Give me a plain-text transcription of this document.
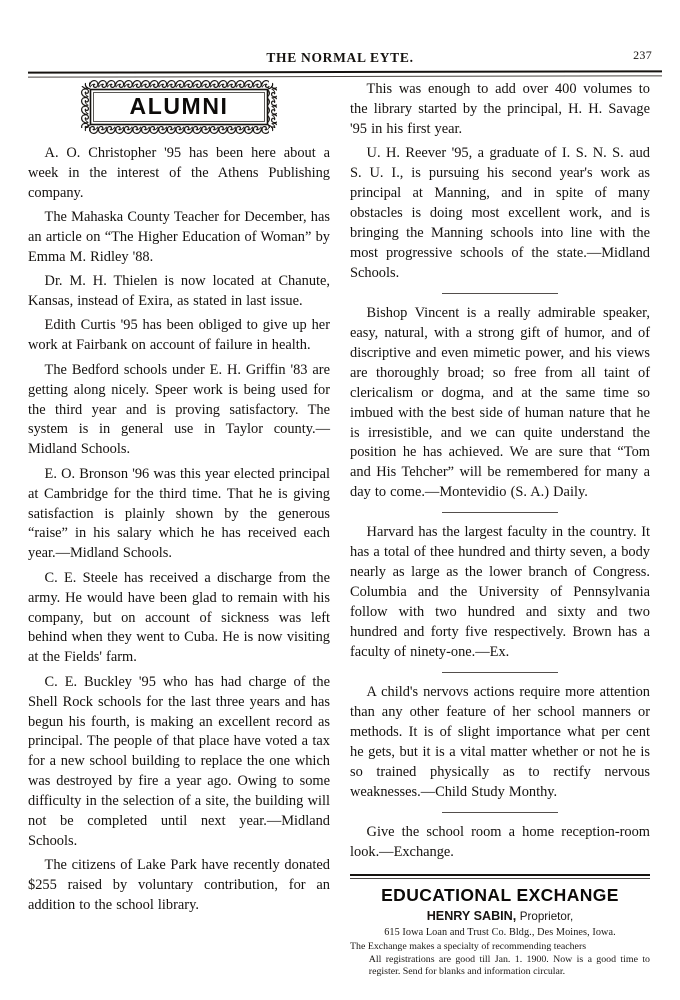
THE NORMAL EYTE.	237
ALUMNI

A. O. Christopher '95 has been here about a week in the interest of the Athens Publishing company.

The Mahaska County Teacher for December, has an article on “The Higher Education of Woman” by Emma M. Ridley '88.

Dr. M. H. Thielen is now located at Chanute, Kansas, instead of Exira, as stated in last issue.

Edith Curtis '95 has been obliged to give up her work at Fairbank on account of failure in health.

The Bedford schools under E. H. Griffin '83 are getting along nicely. Speer work is being used for the third year and is proving satisfactory. The system is in general use in Taylor county.—Midland Schools.

E. O. Bronson '96 was this year elected principal at Cambridge for the third time. That he is giving satisfaction is plainly shown by the generous “raise” in his salary which he has received each year.—Midland Schools.

C. E. Steele has received a discharge from the army. He would have been glad to remain with his company, but on account of sickness was left behind when they went to Cuba. He is now visiting at the Fields' farm.

C. E. Buckley '95 who has had charge of the Shell Rock schools for the last three years and has begun his fourth, is making an excellent record as principal. The people of that place have voted a tax for a new school building to replace the one which was destroyed by fire a year ago. Owing to some difficulty in the selection of a site, the building will not be completed until next year.—Midland Schools.

The citizens of Lake Park have recently donated $255 raised by voluntary contribution, for an addition to the school library.

This was enough to add over 400 volumes to the library started by the principal, H. H. Savage '95 in his first year.

U. H. Reever '95, a graduate of I. S. N. S. aud S. U. I., is pursuing his second year's work as principal at Manning, and in spite of many obstacles is doing most excellent work, and is bringing the Manning schools into line with the most progressive schools of the state.—Midland Schools.

Bishop Vincent is a really admirable speaker, easy, natural, with a strong gift of humor, and of discriptive and even mimetic power, and his views are thoroughly broad; so free from all taint of clericalism or dogma, and at the same time so imbued with the best side of human nature that he is irresistible, and we can quite understand the position he has achieved. We are sure that “Tom and His Tehcher” will be remembered for many a day to come.—Montevidio (S. A.) Daily.

Harvard has the largest faculty in the country. It has a total of thee hundred and thirty seven, a body nearly as large as the lower branch of Congress. Columbia and the University of Pennsylvania follow with two hundred and sixty and two hundred and forty five respectively. Brown has a faculty of ninety-one.—Ex.

A child's nervovs actions require more attention than any other feature of her school manners or methods. It is of slight importance what per cent he gets, but it is a vital matter whether or not he is so trained physically as to rectify nervous weaknesses.—Child Study Monthy.

Give the school room a home reception-room look.—Exchange.

EDUCATIONAL EXCHANGE
HENRY SABIN, Proprietor,
615 Iowa Loan and Trust Co. Bldg., Des Moines, Iowa.
The Exchange makes a specialty of recommending teachers
All registrations are good till Jan. 1. 1900. Now is a good time to register. Send for blanks and information circular.
